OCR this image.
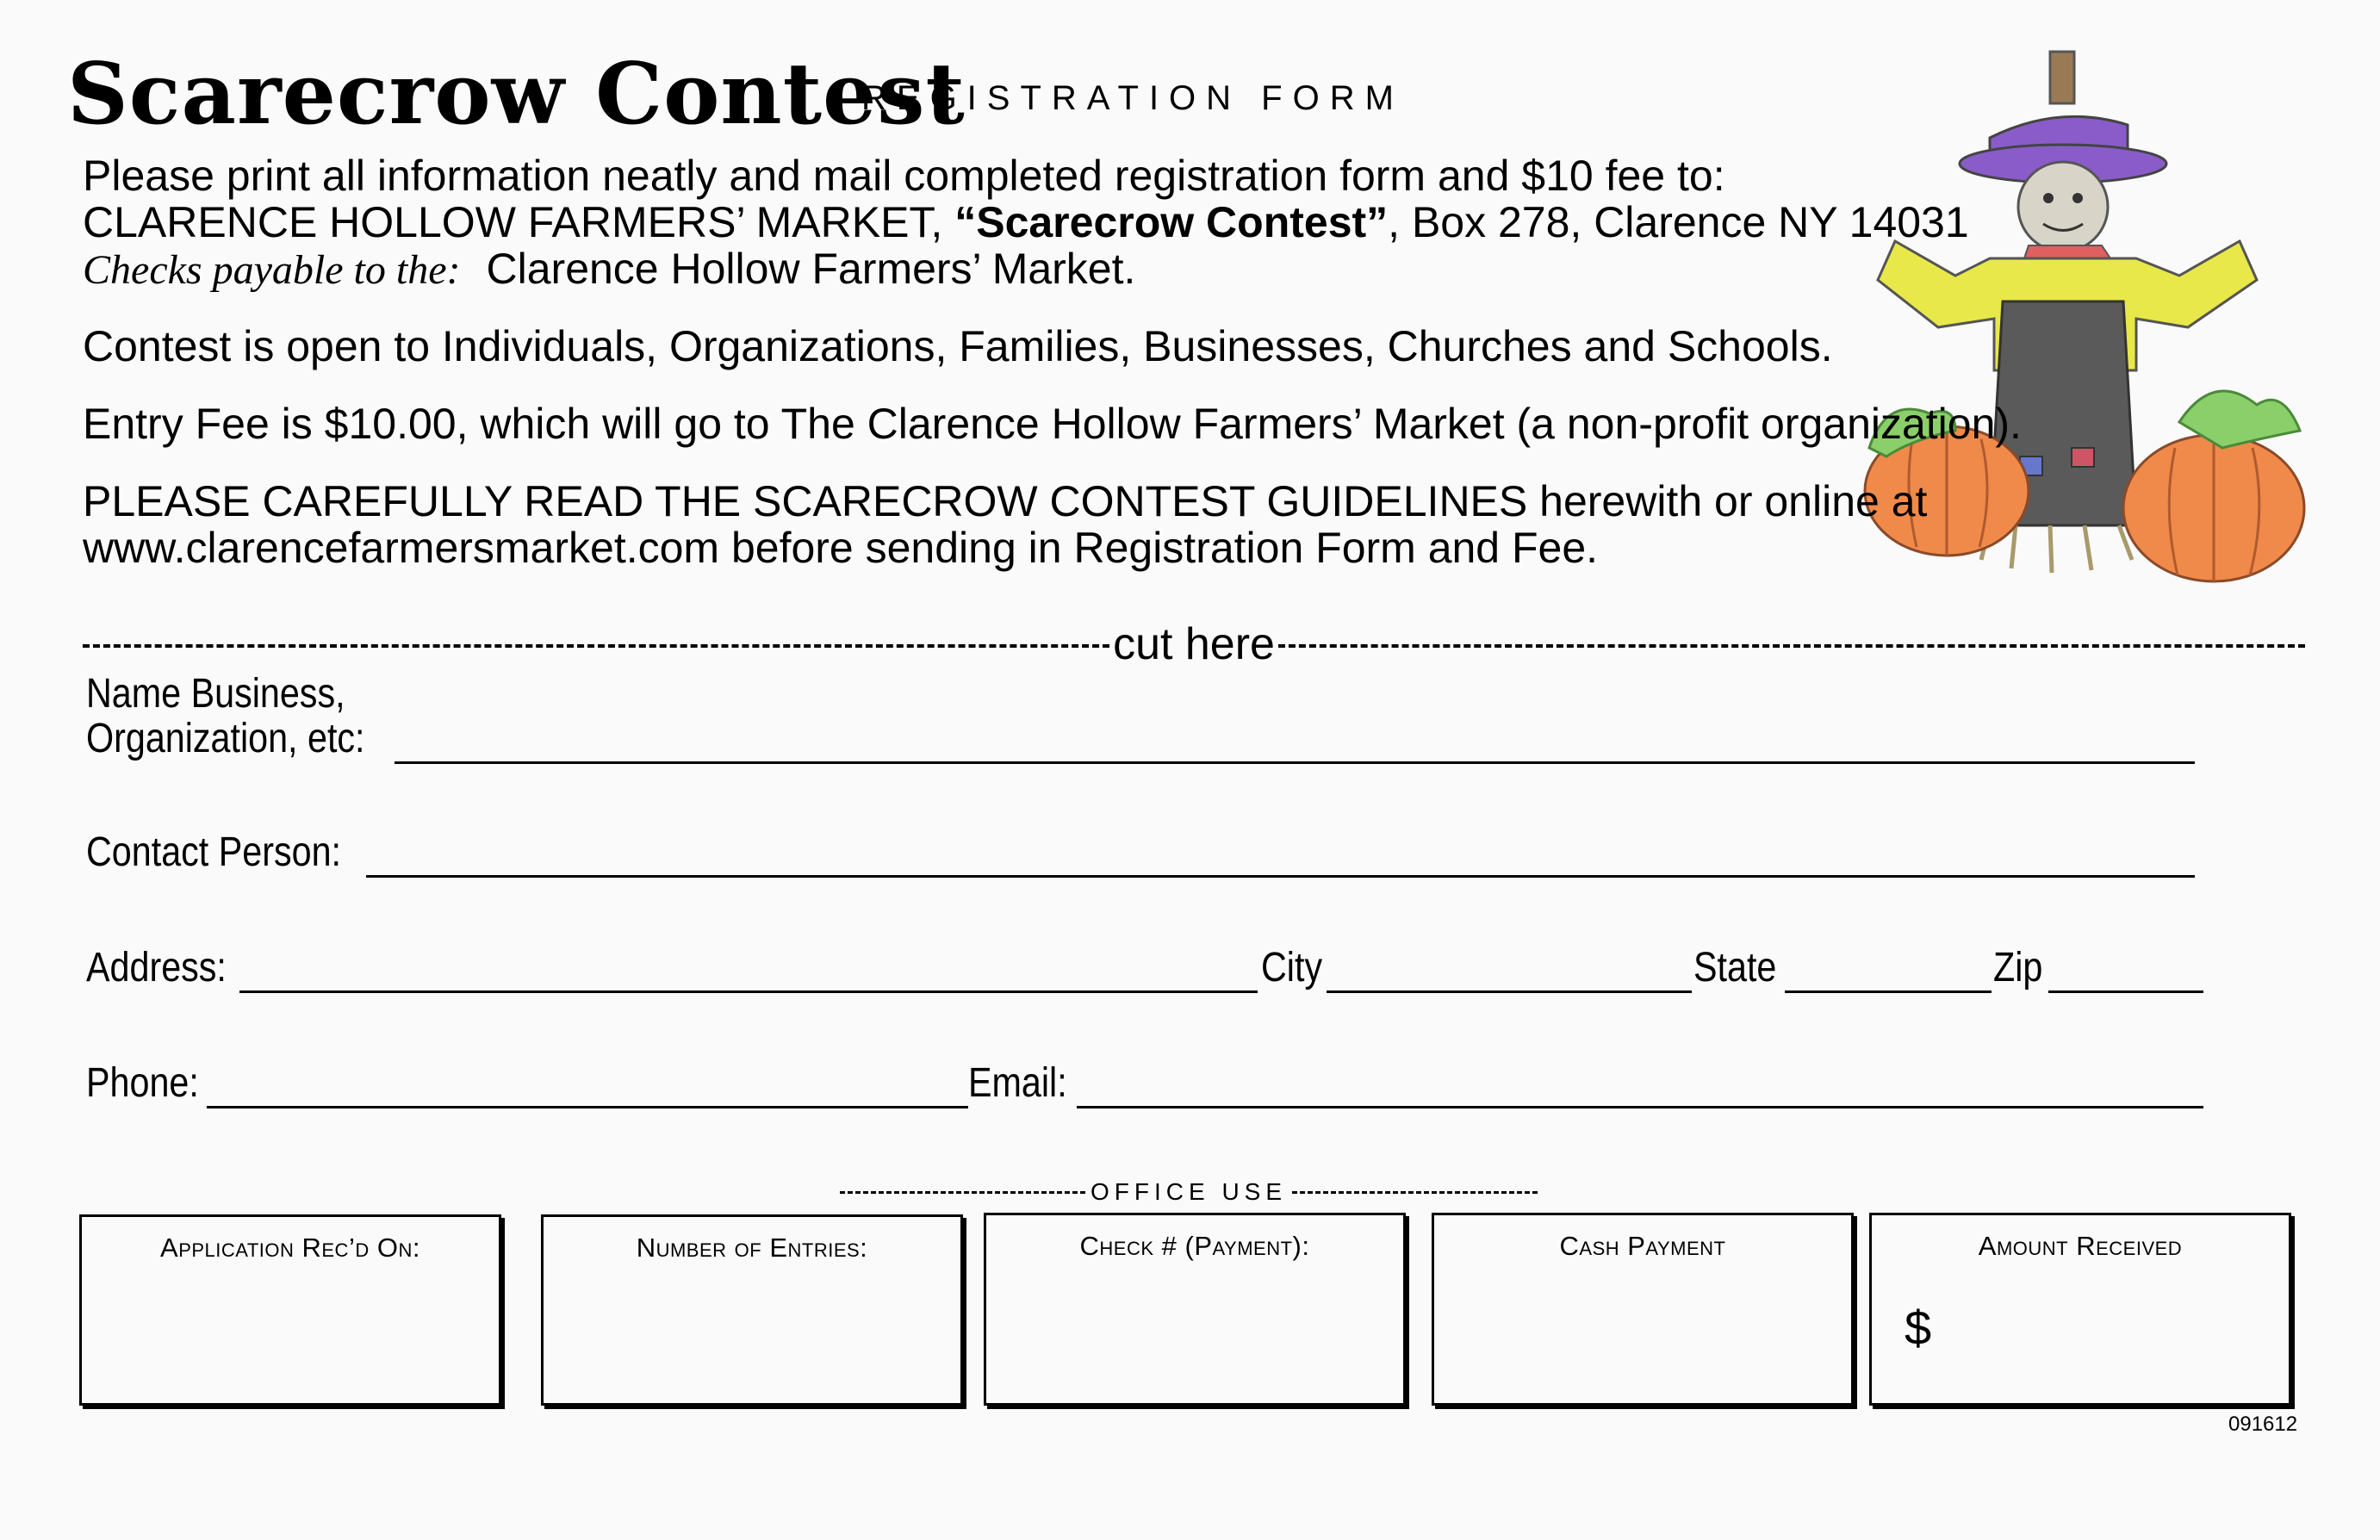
Scarecrow Contest
REGISTRATION FORM
Please print all information neatly and mail completed registration form and $10 fee to:
CLARENCE HOLLOW FARMERS’ MARKET, “Scarecrow Contest”, Box 278, Clarence NY 14031
Checks payable to the: Clarence Hollow Farmers’ Market.
Contest is open to Individuals, Organizations, Families, Businesses, Churches and Schools.
Entry Fee is $10.00, which will go to The Clarence Hollow Farmers’ Market (a non-profit organization).
PLEASE CAREFULLY READ THE SCARECROW CONTEST GUIDELINES herewith or online at
www.clarencefarmersmarket.com before sending in Registration Form and Fee.
cut here
Name Business,
Organization, etc:
Contact Person:
Address:	City	State	Zip
Phone:	Email:
OFFICE USE
Application Rec’d On:	Number of Entries:	Check # (Payment):	Cash Payment	Amount Received
$
091612
